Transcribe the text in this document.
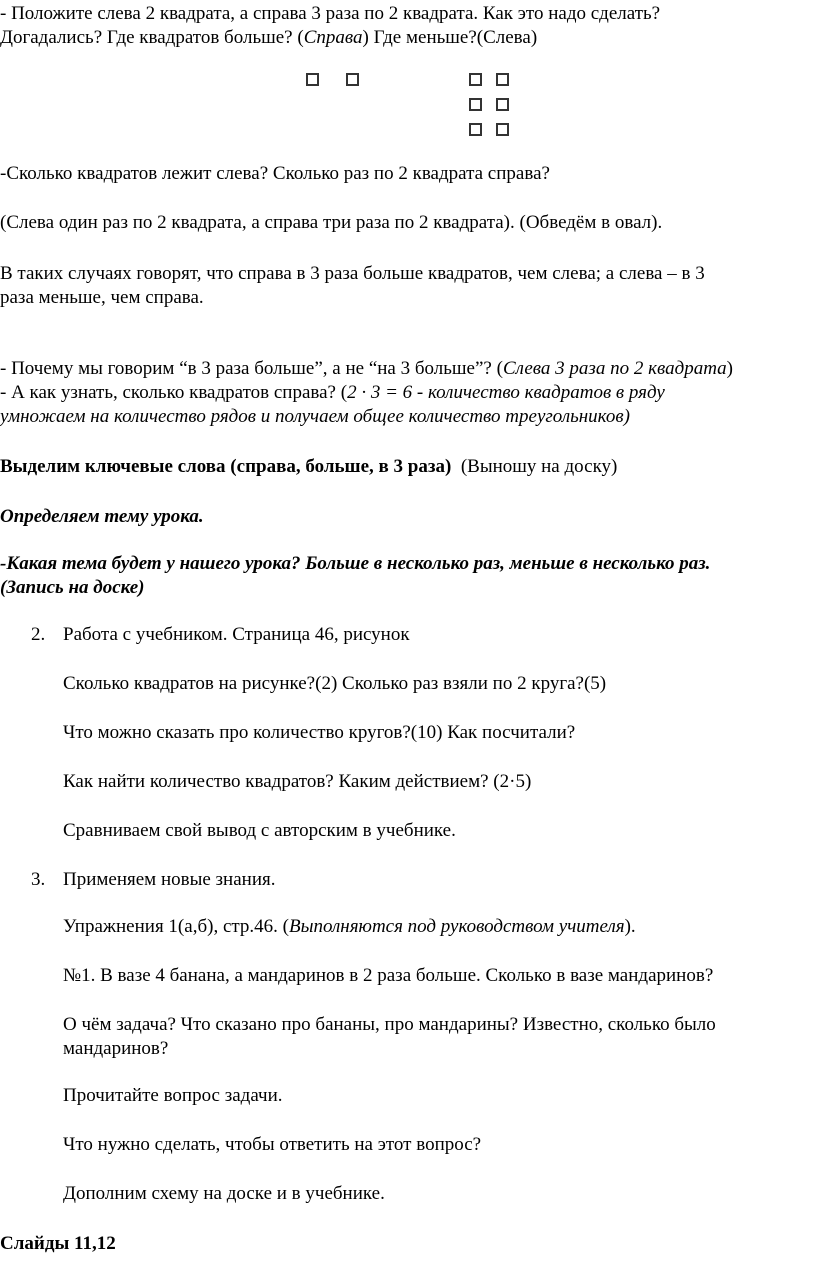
- Положите слева 2 квадрата, а справа 3 раза по 2 квадрата. Как это надо сделать?

Догадались? Где квадратов больше? (Справа) Где меньше?(Слева)

-Сколько квадратов лежит слева? Сколько раз по 2 квадрата справа?

(Слева один раз по 2 квадрата, а справа три раза по 2 квадрата). (Обведём в овал).

В таких случаях говорят, что справа в 3 раза больше квадратов, чем слева; а слева – в 3

раза меньше, чем справа.

- Почему мы говорим “в 3 раза больше”, а не “на 3 больше”? (Слева 3 раза по 2 квадрата)

- А как узнать, сколько квадратов справа? (2 · 3 = 6 - количество квадратов в ряду

умножаем на количество рядов и получаем общее количество треугольников)

Выделим ключевые слова (справа, больше, в 3 раза)  (Выношу на доску)

Определяем тему урока.

-Какая тема будет у нашего урока? Больше в несколько раз, меньше в несколько раз.

(Запись на доске)

2. Работа с учебником. Страница 46, рисунок

Сколько квадратов на рисунке?(2) Сколько раз взяли по 2 круга?(5)

Что можно сказать про количество кругов?(10) Как посчитали?

Как найти количество квадратов? Каким действием? (2·5)

Сравниваем свой вывод с авторским в учебнике.

3. Применяем новые знания.

Упражнения 1(а,б), стр.46. (Выполняются под руководством учителя).

№1. В вазе 4 банана, а мандаринов в 2 раза больше. Сколько в вазе мандаринов?

О чём задача? Что сказано про бананы, про мандарины? Известно, сколько было

мандаринов?

Прочитайте вопрос задачи.

Что нужно сделать, чтобы ответить на этот вопрос?

Дополним схему на доске и в учебнике.

Слайды 11,12
